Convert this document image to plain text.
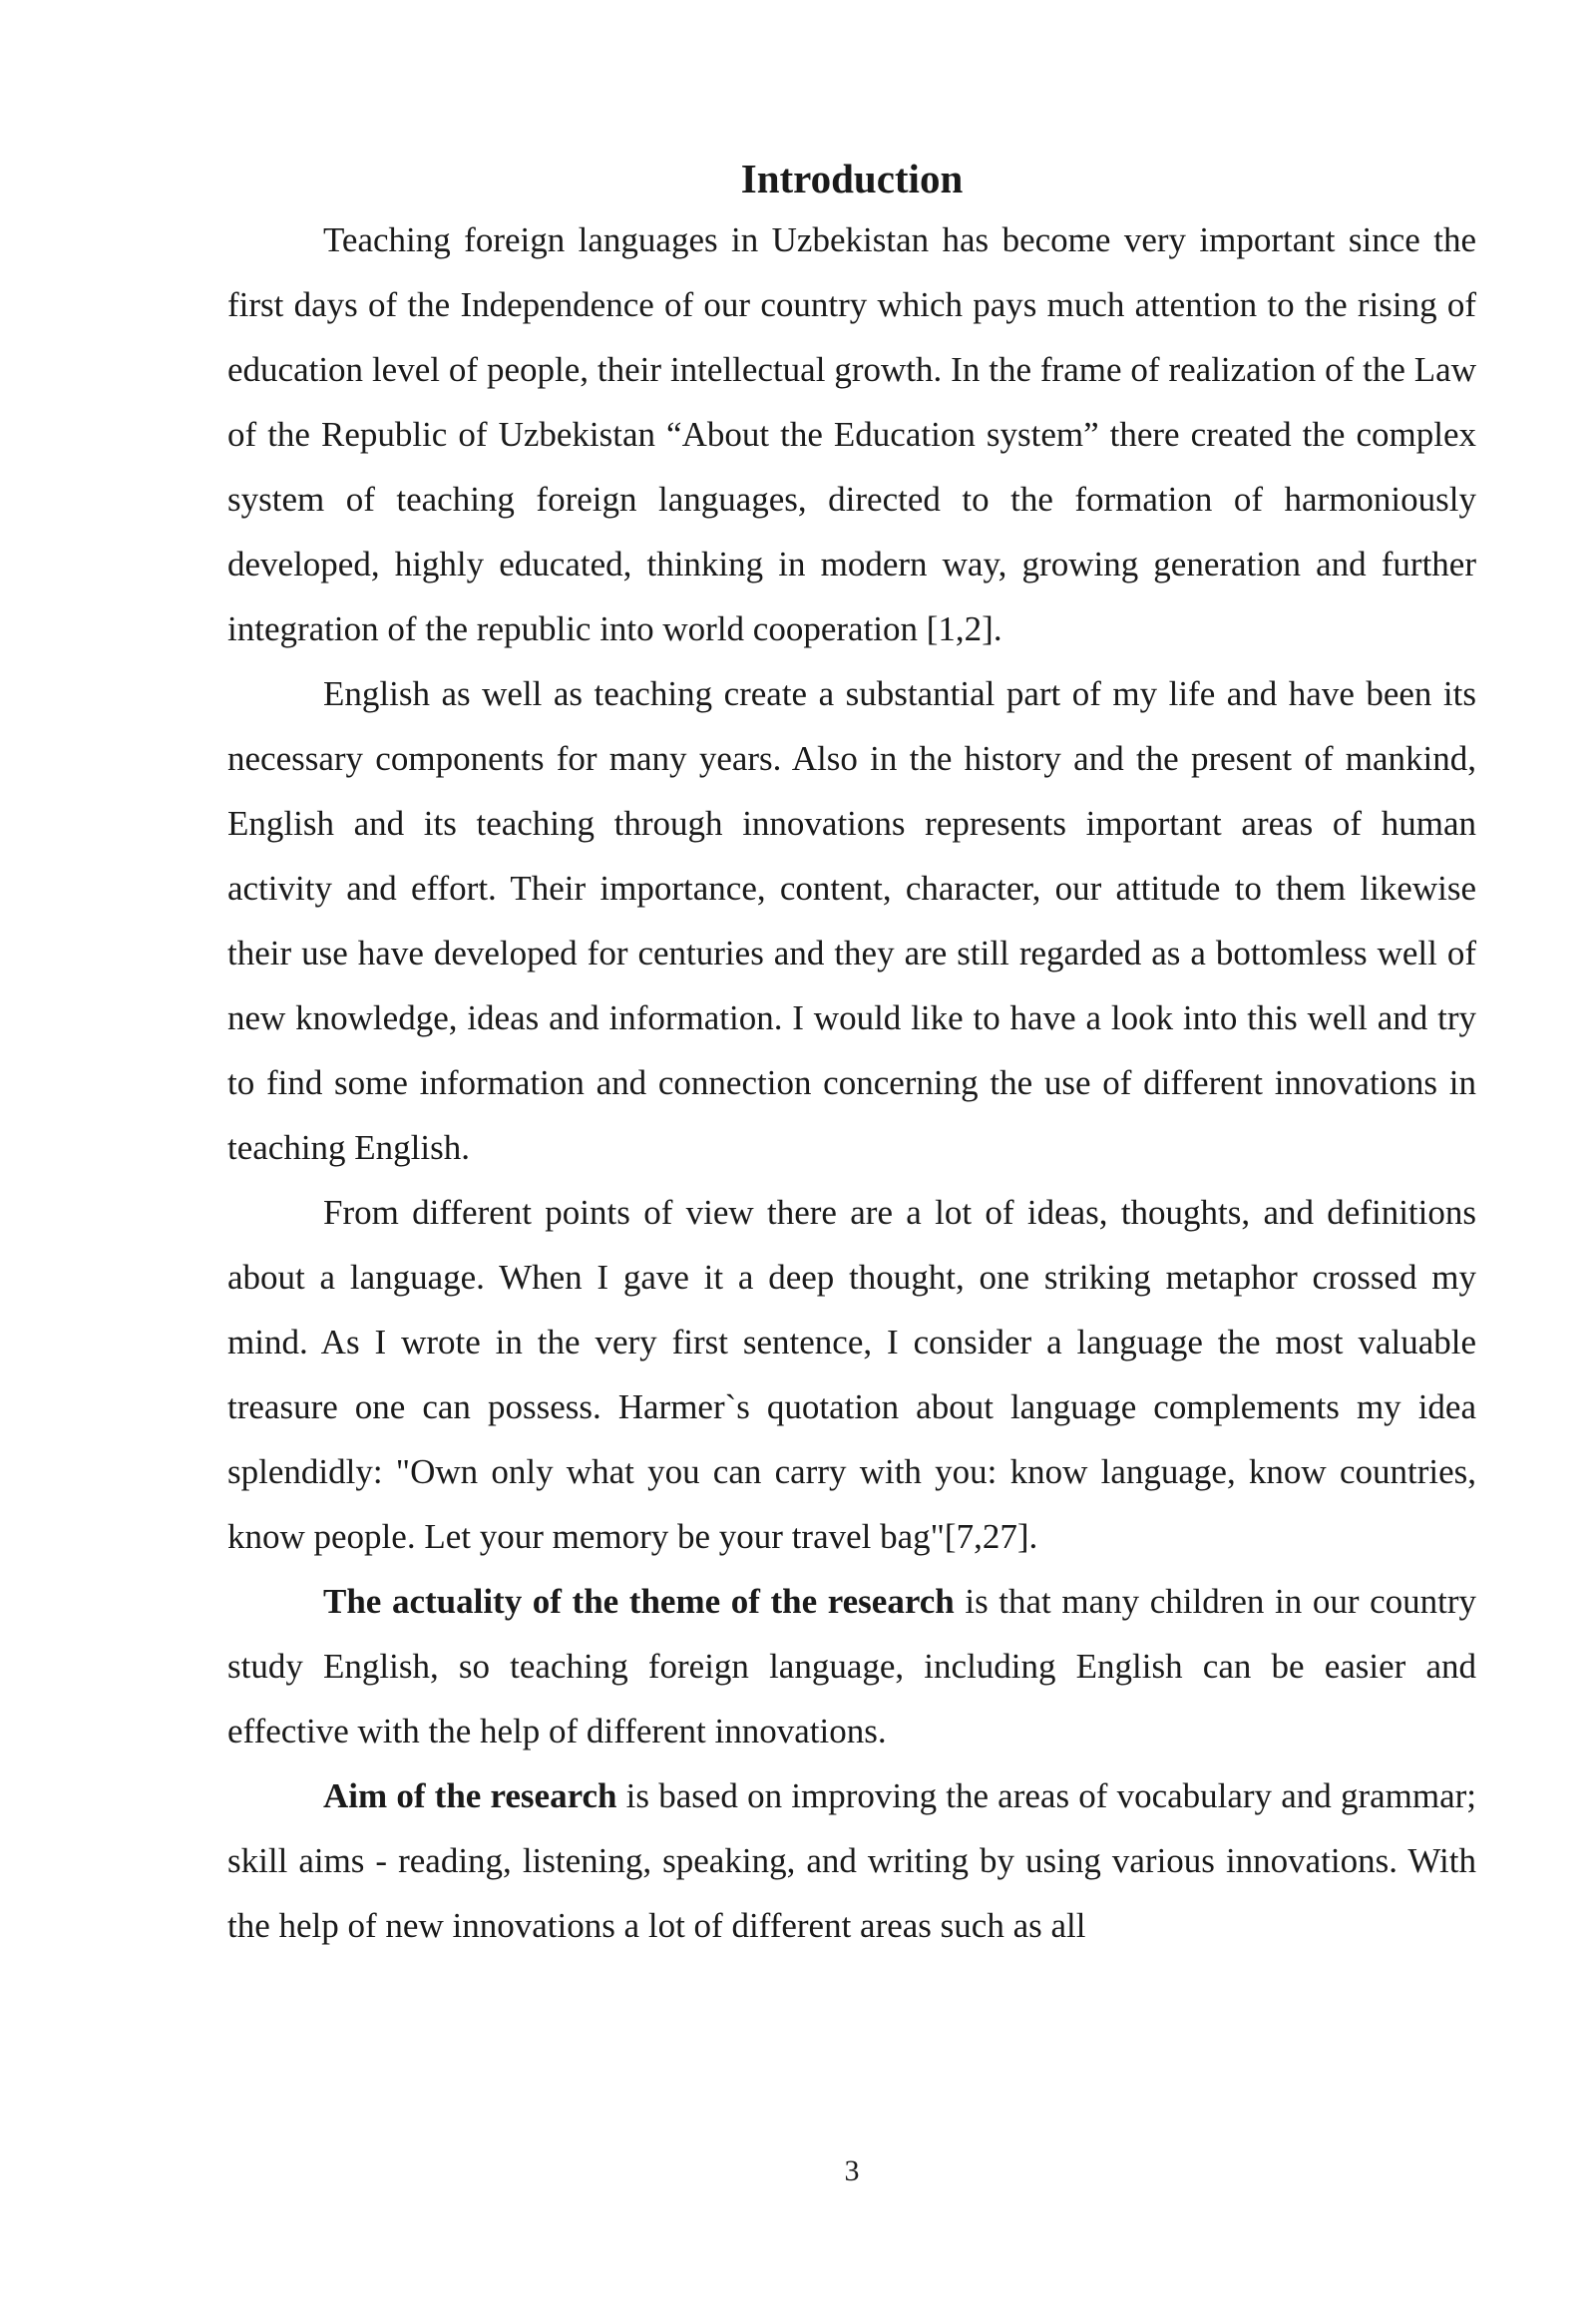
Introduction

Teaching foreign languages in Uzbekistan has become very important since the first days of the Independence of our country which pays much attention to the rising of education level of people, their intellectual growth. In the frame of realization of the Law of the Republic of Uzbekistan “About the Education system” there created the complex system of teaching foreign languages, directed to the formation of harmoniously developed, highly educated, thinking in modern way, growing generation and further integration of the republic into world cooperation [1,2].

English as well as teaching create a substantial part of my life and have been its necessary components for many years. Also in the history and the present of mankind, English and its teaching through innovations represents important areas of human activity and effort. Their importance, content, character, our attitude to them likewise their use have developed for centuries and they are still regarded as a bottomless well of new knowledge, ideas and information. I would like to have a look into this well and try to find some information and connection concerning the use of different innovations in teaching English.

From different points of view there are a lot of ideas, thoughts, and definitions about a language. When I gave it a deep thought, one striking metaphor crossed my mind. As I wrote in the very first sentence, I consider a language the most valuable treasure one can possess. Harmer`s quotation about language complements my idea splendidly: "Own only what you can carry with you: know language, know countries, know people. Let your memory be your travel bag"[7,27].

The actuality of the theme of the research is that many children in our country study English, so teaching foreign language, including English can be easier and effective with the help of different innovations.

Aim of the research is based on improving the areas of vocabulary and grammar; skill aims - reading, listening, speaking, and writing by using various innovations. With the help of new innovations a lot of different areas such as all

3
